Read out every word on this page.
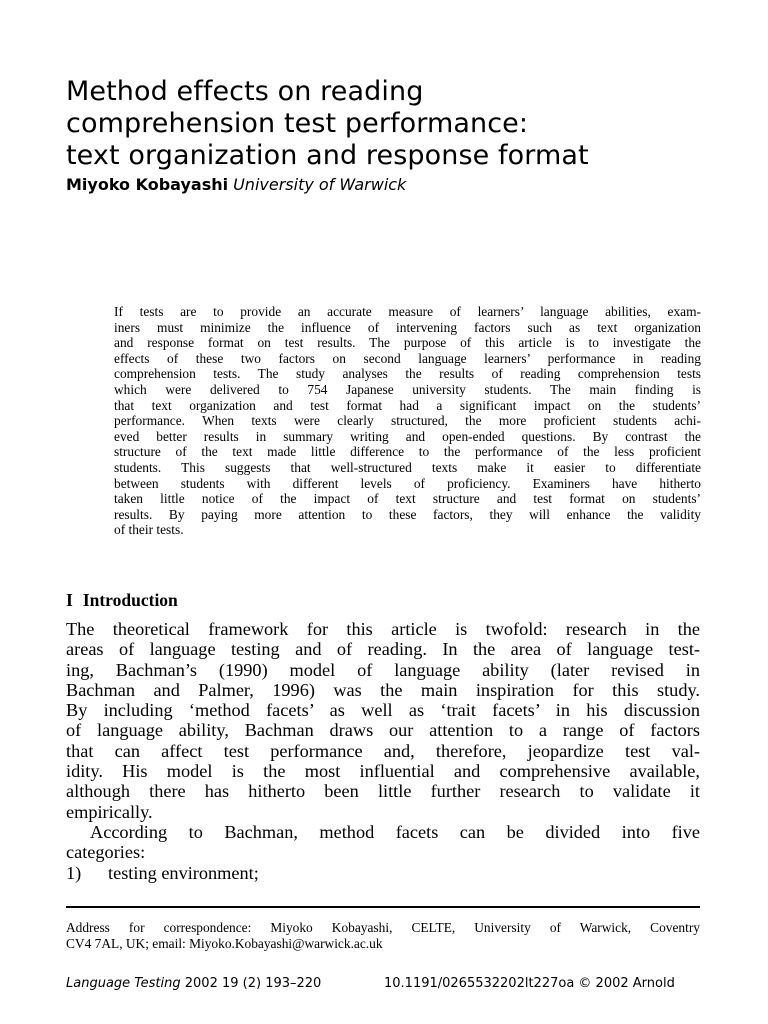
Method effects on reading
comprehension test performance:
text organization and response format
Miyoko Kobayashi University of Warwick
If tests are to provide an accurate measure of learners’ language abilities, exam-
iners must minimize the influence of intervening factors such as text organization
and response format on test results. The purpose of this article is to investigate the
effects of these two factors on second language learners’ performance in reading
comprehension tests. The study analyses the results of reading comprehension tests
which were delivered to 754 Japanese university students. The main finding is
that text organization and test format had a significant impact on the students’
performance. When texts were clearly structured, the more proficient students achi-
eved better results in summary writing and open-ended questions. By contrast the
structure of the text made little difference to the performance of the less proficient
students. This suggests that well-structured texts make it easier to differentiate
between students with different levels of proficiency. Examiners have hitherto
taken little notice of the impact of text structure and test format on students’
results. By paying more attention to these factors, they will enhance the validity
of their tests.
I Introduction
The theoretical framework for this article is twofold: research in the
areas of language testing and of reading. In the area of language test-
ing, Bachman’s (1990) model of language ability (later revised in
Bachman and Palmer, 1996) was the main inspiration for this study.
By including ‘method facets’ as well as ‘trait facets’ in his discussion
of language ability, Bachman draws our attention to a range of factors
that can affect test performance and, therefore, jeopardize test val-
idity. His model is the most influential and comprehensive available,
although there has hitherto been little further research to validate it
empirically.
According to Bachman, method facets can be divided into five
categories:
1) testing environment;
Address for correspondence: Miyoko Kobayashi, CELTE, University of Warwick, Coventry
CV4 7AL, UK; email: Miyoko.Kobayashi@warwick.ac.uk
Language Testing 2002 19 (2) 193–220	10.1191/0265532202lt227oa © 2002 Arnold
